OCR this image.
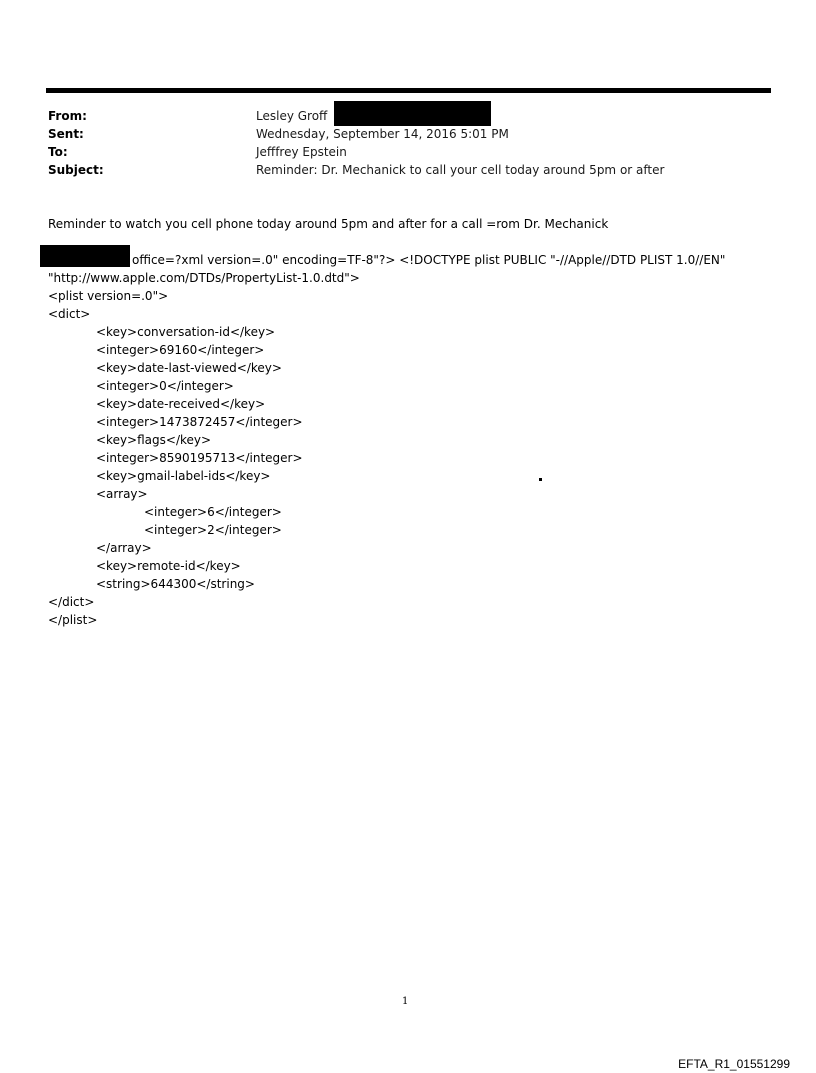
From:	Lesley Groff
Sent:	Wednesday, September 14, 2016 5:01 PM
To:	Jefffrey Epstein
Subject:	Reminder: Dr. Mechanick to call your cell today around 5pm or after
Reminder to watch you cell phone today around 5pm and after for a call =rom Dr. Mechanick
office=?xml version=.0" encoding=TF-8"?> <!DOCTYPE plist PUBLIC "-//Apple//DTD PLIST 1.0//EN"
"http://www.apple.com/DTDs/PropertyList-1.0.dtd">
<plist version=.0">
<dict>
<key>conversation-id</key>
<integer>69160</integer>
<key>date-last-viewed</key>
<integer>0</integer>
<key>date-received</key>
<integer>1473872457</integer>
<key>flags</key>
<integer>8590195713</integer>
<key>gmail-label-ids</key>
<array>
<integer>6</integer>
<integer>2</integer>
</array>
<key>remote-id</key>
<string>644300</string>
</dict>
</plist>
1
EFTA_R1_01551299
